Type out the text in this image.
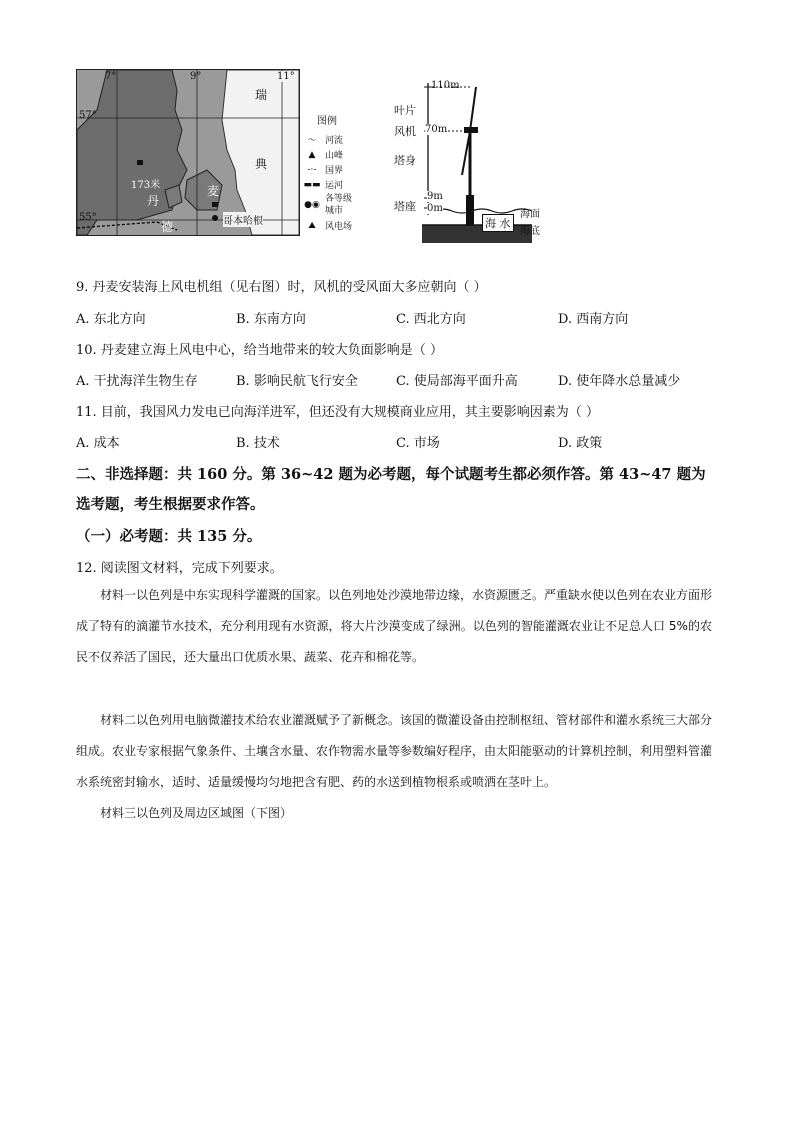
57°
55°
7°	9°	11°
瑞
典
丹
麦
德
173米
哥本哈根
图例
〜 河流
▲	山峰
-·- 国界
▬▬ 运河
●◉
各等级城市
⛰	风电场
110m
70m
9m
0m
叶片
风机
塔身
塔座
海 水
海面
海底
9. 丹麦安装海上风电机组（见右图）时，风机的受风面大多应朝向（ ）
A. 东北方向	B. 东南方向	C. 西北方向	D. 西南方向
10. 丹麦建立海上风电中心，给当地带来的较大负面影响是（ ）
A. 干扰海洋生物生存	B. 影响民航飞行安全	C. 使局部海平面升高	D. 使年降水总量减少
11. 目前，我国风力发电已向海洋进军，但还没有大规模商业应用，其主要影响因素为（ ）
A. 成本	B. 技术	C. 市场	D. 政策
二、非选择题：共 160 分。第 36~42 题为必考题，每个试题考生都必须作答。第 43~47 题为
选考题，考生根据要求作答。
（一）必考题：共 135 分。
12. 阅读图文材料，完成下列要求。
材料一以色列是中东实现科学灌溉的国家。以色列地处沙漠地带边缘，水资源匮乏。严重缺水使以色列在农业方面形成了特有的滴灌节水技术，充分利用现有水资源，将大片沙漠变成了绿洲。以色列的智能灌溉农业让不足总人口 5%的农民不仅养活了国民，还大量出口优质水果、蔬菜、花卉和棉花等。
材料二以色列用电脑微灌技术给农业灌溉赋予了新概念。该国的微灌设备由控制枢纽、管材部件和灌水系统三大部分组成。农业专家根据气象条件、土壤含水量、农作物需水量等参数编好程序，由太阳能驱动的计算机控制，利用塑料管灌水系统密封输水，适时、适量缓慢均匀地把含有肥、药的水送到植物根系或喷洒在茎叶上。
材料三以色列及周边区域图（下图）
